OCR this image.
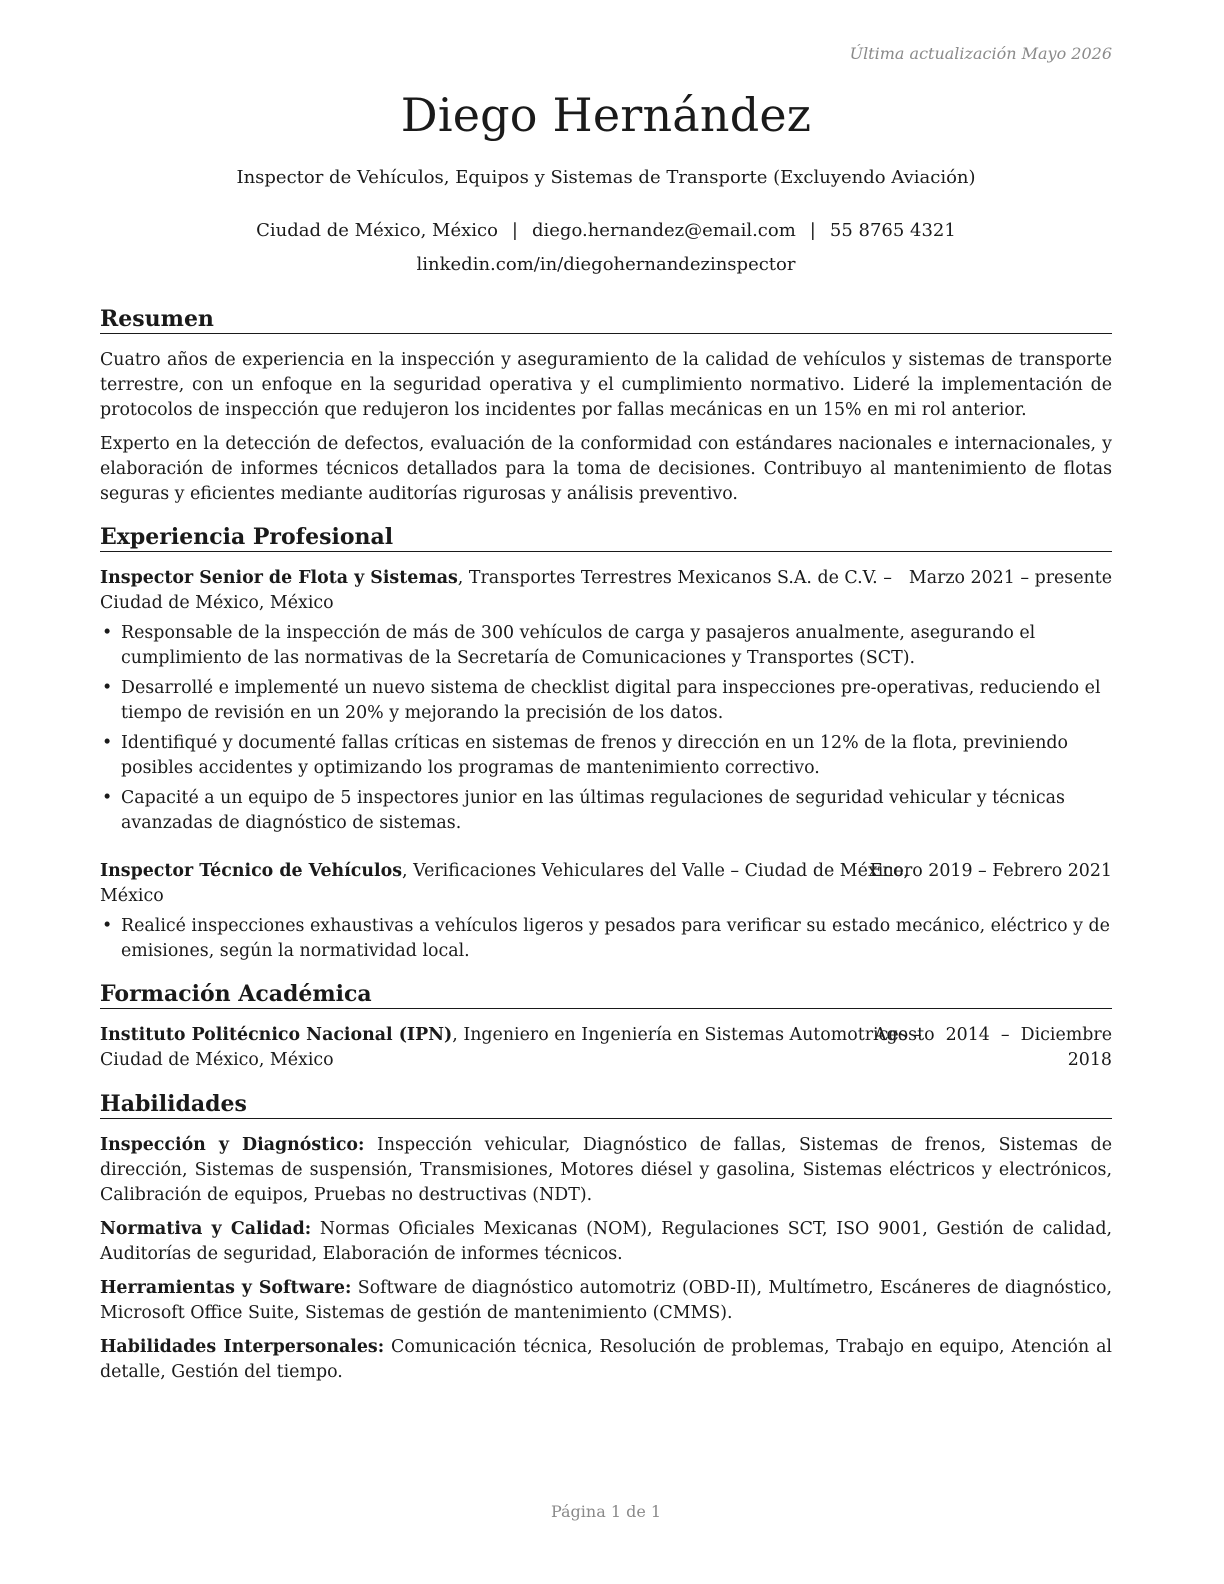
Última actualización Mayo 2026
Diego Hernández
Inspector de Vehículos, Equipos y Sistemas de Transporte (Excluyendo Aviación)
Ciudad de México, México | diego.hernandez@email.com | 55 8765 4321
linkedin.com/in/diegohernandezinspector
Resumen
Cuatro años de experiencia en la inspección y aseguramiento de la calidad de vehículos y sistemas de transporte terrestre, con un enfoque en la seguridad operativa y el cumplimiento normativo. Lideré la implementación de protocolos de inspección que redujeron los incidentes por fallas mecánicas en un 15% en mi rol anterior.
Experto en la detección de defectos, evaluación de la conformidad con estándares nacionales e internacionales, y elaboración de informes técnicos detallados para la toma de decisiones. Contribuyo al mantenimiento de flotas seguras y eficientes mediante auditorías rigurosas y análisis preventivo.
Experiencia Profesional
Inspector Senior de Flota y Sistemas, Transportes Terrestres Mexicanos S.A. de C.V. – Marzo 2021 – presente
Ciudad de México, México
• Responsable de la inspección de más de 300 vehículos de carga y pasajeros anualmente, asegurando el cumplimiento de las normativas de la Secretaría de Comunicaciones y Transportes (SCT).
• Desarrollé e implementé un nuevo sistema de checklist digital para inspecciones pre-operativas, reduciendo el tiempo de revisión en un 20% y mejorando la precisión de los datos.
• Identifiqué y documenté fallas críticas en sistemas de frenos y dirección en un 12% de la flota, previniendo posibles accidentes y optimizando los programas de mantenimiento correctivo.
• Capacité a un equipo de 5 inspectores junior en las últimas regulaciones de seguridad vehicular y técnicas avanzadas de diagnóstico de sistemas.
Inspector Técnico de Vehículos, Verificaciones Vehiculares del Valle – Ciudad de México,
Enero 2019 – Febrero 2021
México
• Realicé inspecciones exhaustivas a vehículos ligeros y pesados para verificar su estado mecánico, eléctrico y de emisiones, según la normatividad local.
Formación Académica
Instituto Politécnico Nacional (IPN), Ingeniero en Ingeniería en Sistemas Automotrices –
Agosto  2014  –  Diciembre
2018
Ciudad de México, México
Habilidades
Inspección y Diagnóstico: Inspección vehicular, Diagnóstico de fallas, Sistemas de frenos, Sistemas de dirección, Sistemas de suspensión, Transmisiones, Motores diésel y gasolina, Sistemas eléctricos y electrónicos, Calibración de equipos, Pruebas no destructivas (NDT).
Normativa y Calidad: Normas Oficiales Mexicanas (NOM), Regulaciones SCT, ISO 9001, Gestión de calidad, Auditorías de seguridad, Elaboración de informes técnicos.
Herramientas y Software: Software de diagnóstico automotriz (OBD-II), Multímetro, Escáneres de diagnóstico, Microsoft Office Suite, Sistemas de gestión de mantenimiento (CMMS).
Habilidades Interpersonales: Comunicación técnica, Resolución de problemas, Trabajo en equipo, Atención al detalle, Gestión del tiempo.
Página 1 de 1
